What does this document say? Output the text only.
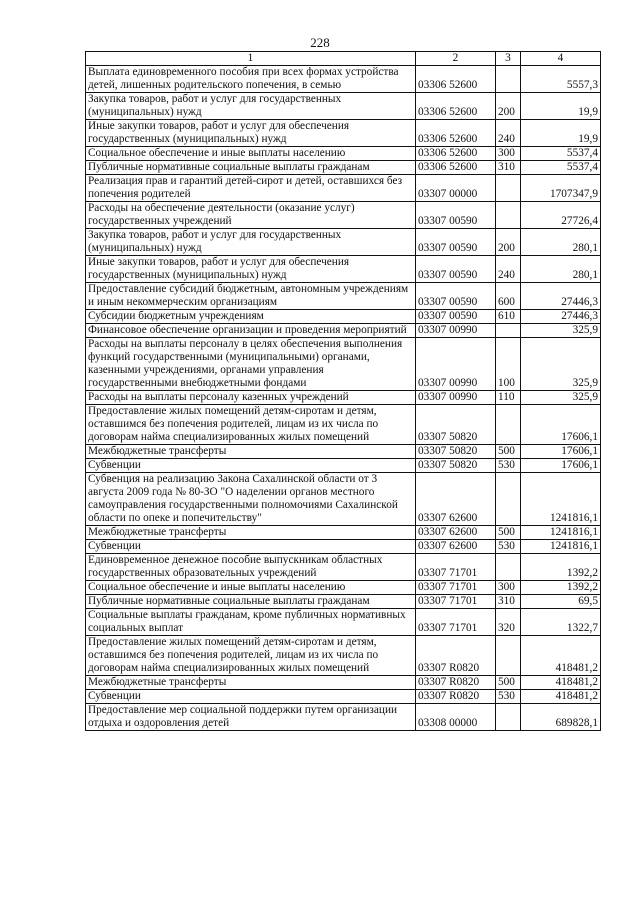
228
1	2	3	4
Выплата единовременного пособия при всех формах устройства детей, лишенных родительского попечения, в семью	03306 52600		5557,3
Закупка товаров, работ и услуг для государственных (муниципальных) нужд	03306 52600	200	19,9
Иные закупки товаров, работ и услуг для обеспечения государственных (муниципальных) нужд	03306 52600	240	19,9
Социальное обеспечение и иные выплаты населению	03306 52600	300	5537,4
Публичные нормативные социальные выплаты гражданам	03306 52600	310	5537,4
Реализация прав и гарантий детей-сирот и детей, оставшихся без попечения родителей	03307 00000		1707347,9
Расходы на обеспечение деятельности (оказание услуг) государственных учреждений	03307 00590		27726,4
Закупка товаров, работ и услуг для государственных (муниципальных) нужд	03307 00590	200	280,1
Иные закупки товаров, работ и услуг для обеспечения государственных (муниципальных) нужд	03307 00590	240	280,1
Предоставление субсидий бюджетным, автономным учреждениям и иным некоммерческим организациям	03307 00590	600	27446,3
Субсидии бюджетным учреждениям	03307 00590	610	27446,3
Финансовое обеспечение организации и проведения мероприятий	03307 00990		325,9
Расходы на выплаты персоналу в целях обеспечения выполнения функций государственными (муниципальными) органами, казенными учреждениями, органами управления государственными внебюджетными фондами	03307 00990	100	325,9
Расходы на выплаты персоналу казенных учреждений	03307 00990	110	325,9
Предоставление жилых помещений детям-сиротам и детям, оставшимся без попечения родителей, лицам из их числа по договорам найма специализированных жилых помещений	03307 50820		17606,1
Межбюджетные трансферты	03307 50820	500	17606,1
Субвенции	03307 50820	530	17606,1
Субвенция на реализацию Закона Сахалинской области от 3 августа 2009 года № 80-ЗО "О наделении органов местного самоуправления государственными полномочиями Сахалинской области по опеке и попечительству"	03307 62600		1241816,1
Межбюджетные трансферты	03307 62600	500	1241816,1
Субвенции	03307 62600	530	1241816,1
Единовременное денежное пособие выпускникам областных государственных образовательных учреждений	03307 71701		1392,2
Социальное обеспечение и иные выплаты населению	03307 71701	300	1392,2
Публичные нормативные социальные выплаты гражданам	03307 71701	310	69,5
Социальные выплаты гражданам, кроме публичных нормативных социальных выплат	03307 71701	320	1322,7
Предоставление жилых помещений детям-сиротам и детям, оставшимся без попечения родителей, лицам из их числа по договорам найма специализированных жилых помещений	03307 R0820		418481,2
Межбюджетные трансферты	03307 R0820	500	418481,2
Субвенции	03307 R0820	530	418481,2
Предоставление мер социальной поддержки путем организации отдыха и оздоровления детей	03308 00000		689828,1
